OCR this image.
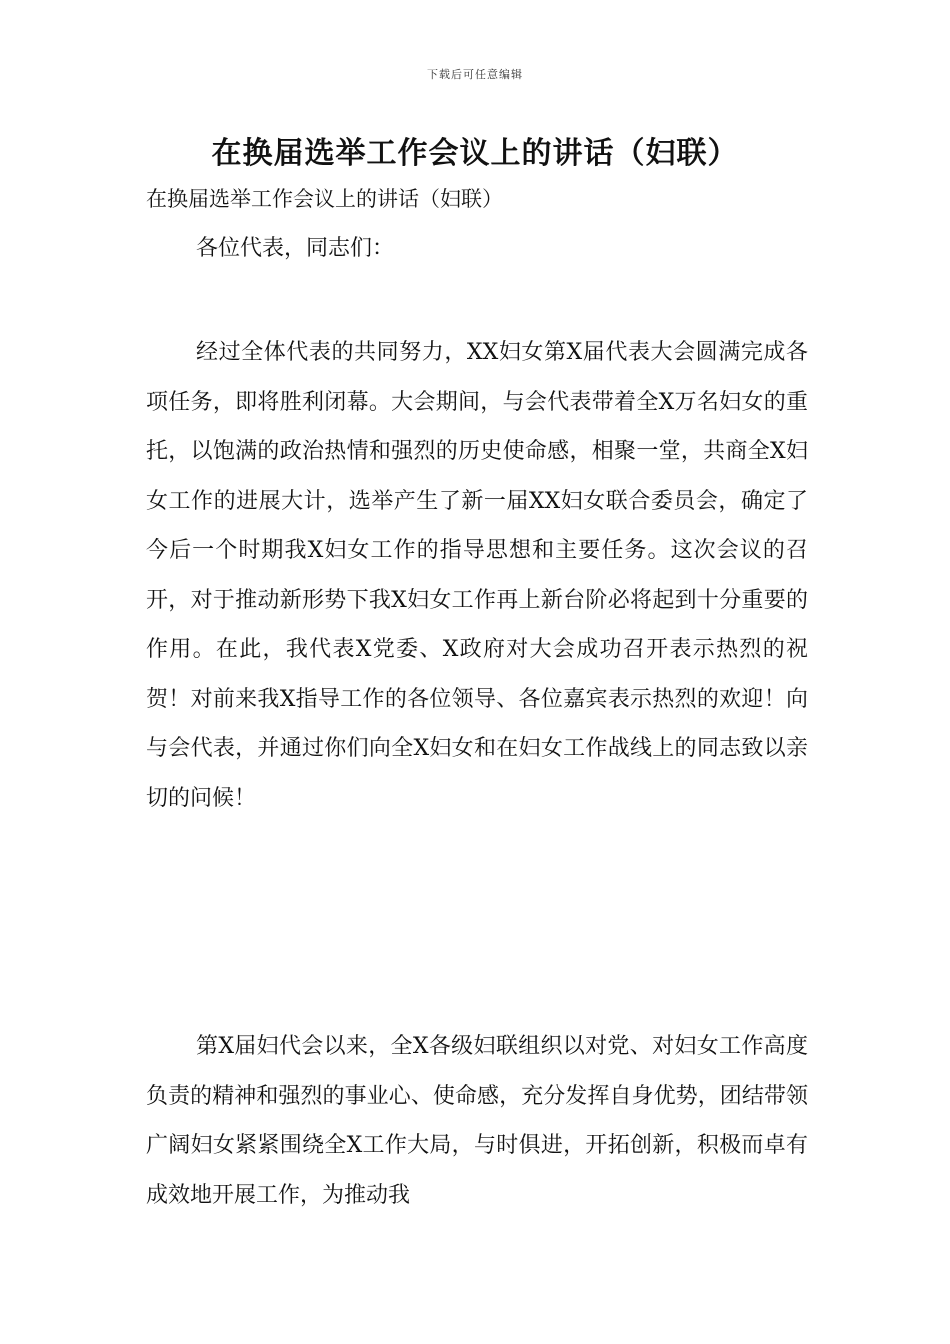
下载后可任意编辑
在换届选举工作会议上的讲话（妇联）

在换届选举工作会议上的讲话（妇联）

各位代表，同志们：

经过全体代表的共同努力，XX妇女第X届代表大会圆满完成各项任务，即将胜利闭幕。大会期间，与会代表带着全X万名妇女的重托，以饱满的政治热情和强烈的历史使命感，相聚一堂，共商全X妇女工作的进展大计，选举产生了新一届XX妇女联合委员会，确定了今后一个时期我X妇女工作的指导思想和主要任务。这次会议的召开，对于推动新形势下我X妇女工作再上新台阶必将起到十分重要的作用。在此，我代表X党委、X政府对大会成功召开表示热烈的祝贺！对前来我X指导工作的各位领导、各位嘉宾表示热烈的欢迎！向与会代表，并通过你们向全X妇女和在妇女工作战线上的同志致以亲切的问候！

第X届妇代会以来，全X各级妇联组织以对党、对妇女工作高度负责的精神和强烈的事业心、使命感，充分发挥自身优势，团结带领广阔妇女紧紧围绕全X工作大局，与时俱进，开拓创新，积极而卓有成效地开展工作，为推动我
